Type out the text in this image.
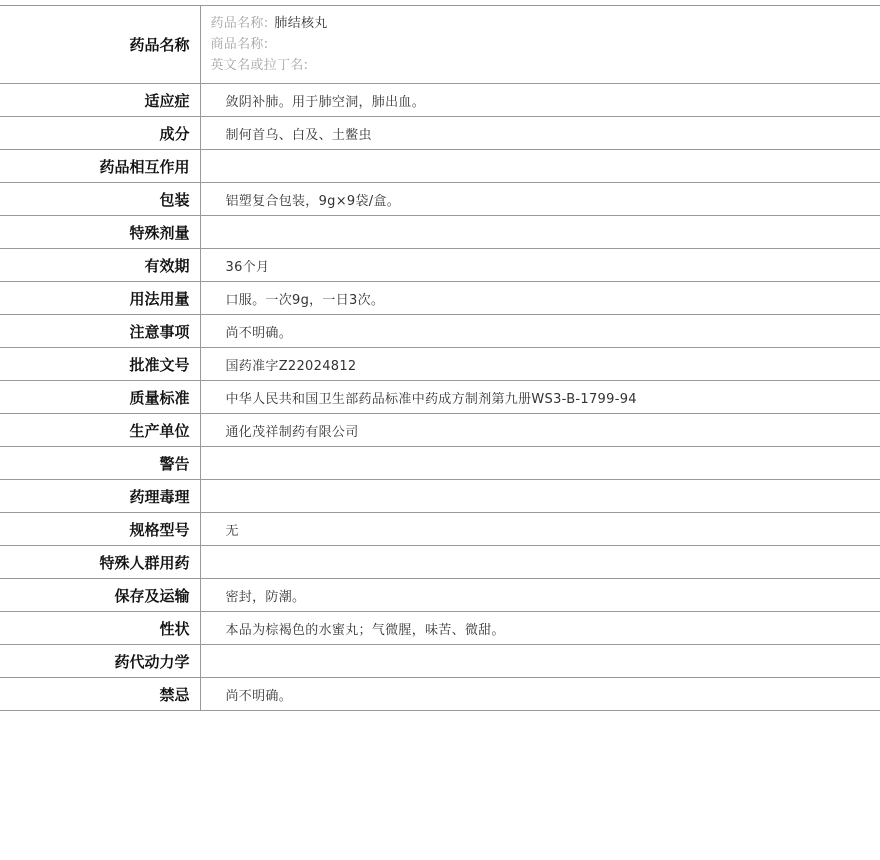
药品名称	药品名称: 肺结核丸
商品名称:
英文名或拉丁名:

适应症	敛阴补肺。用于肺空洞，肺出血。
成分	制何首乌、白及、土鳖虫
药品相互作用	
包装	铝塑复合包装，9g×9袋/盒。
特殊剂量	
有效期	36个月
用法用量	口服。一次9g，一日3次。
注意事项	尚不明确。
批准文号	国药准字Z22024812
质量标准	中华人民共和国卫生部药品标准中药成方制剂第九册WS3-B-1799-94
生产单位	通化茂祥制药有限公司
警告	
药理毒理	
规格型号	无
特殊人群用药	
保存及运输	密封，防潮。
性状	本品为棕褐色的水蜜丸；气微腥，味苦、微甜。
药代动力学	
禁忌	尚不明确。
